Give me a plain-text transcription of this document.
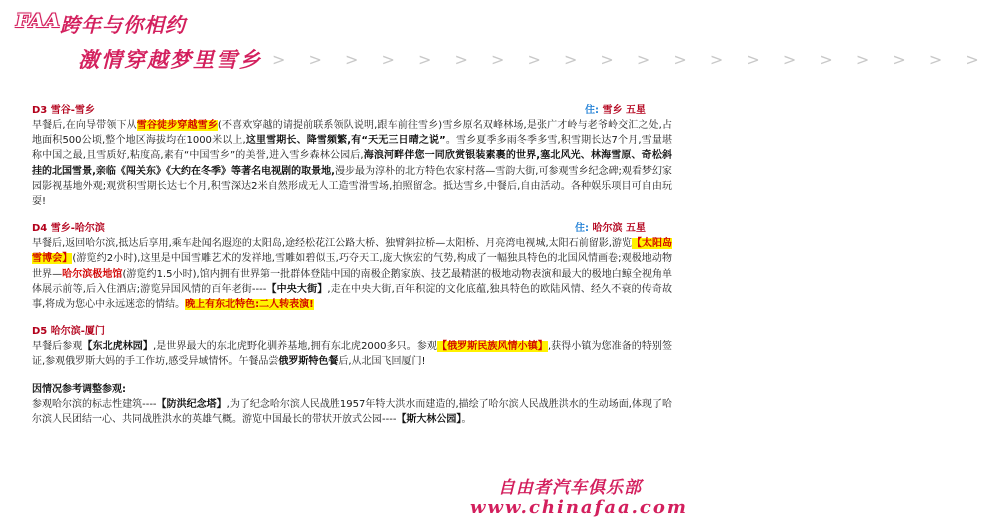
FAA 跨年与你相约
激情穿越梦里雪乡 > > > > > > > > > > > > > > > > > > > >
D3 雪谷-雪乡	住: 雪乡 五星

早餐后,在向导带领下从雪谷徒步穿越雪乡(不喜欢穿越的请提前联系领队说明,跟车前往雪乡)雪乡原名双峰林场,是张广才岭与老爷岭交汇之处,占地面积500公顷,整个地区海拔均在1000米以上,这里雪期长、降雪频繁,有“天无三日晴之说”。雪乡夏季多雨冬季多雪,积雪期长达7个月,雪量堪称中国之最,且雪质好,粘度高,素有“中国雪乡”的美誉,进入雪乡森林公园后,海浪河畔伴您一同欣赏银装素裹的世界,塞北风光、林海雪原、奇松斜挂的北国雪景,亲临《闯关东》《大约在冬季》等著名电视剧的取景地,漫步最为淳朴的北方特色农家村落—雪韵大街,可参观雪乡纪念碑;观看梦幻家园影视基地外观;观赏积雪期长达七个月,积雪深达2米自然形成无人工造雪滑雪场,拍照留念。抵达雪乡,中餐后,自由活动。各种娱乐项目可自由玩耍!

D4 雪乡-哈尔滨	住: 哈尔滨 五星

早餐后,返回哈尔滨,抵达后享用,乘车赴闻名遐迩的太阳岛,途经松花江公路大桥、独臂斜拉桥—太阳桥、月亮湾电视城,太阳石前留影,游览【太阳岛雪博会】(游览约2小时),这里是中国雪雕艺术的发祥地,雪雕如碧似玉,巧夺天工,庞大恢宏的气势,构成了一幅独具特色的北国风情画卷;观极地动物世界—哈尔滨极地馆(游览约1.5小时),馆内拥有世界第一批群体登陆中国的南极企鹅家族、技艺最精湛的极地动物表演和最大的极地白鲸全视角单体展示前等,后入住酒店;游览异国风情的百年老街----【中央大街】,走在中央大街,百年积淀的文化底蕴,独具特色的欧陆风情、经久不衰的传奇故事,将成为您心中永远迷恋的情结。晚上有东北特色:二人转表演!

D5 哈尔滨-厦门

早餐后参观【东北虎林园】,是世界最大的东北虎野化驯养基地,拥有东北虎2000多只。参观【俄罗斯民族风情小镇】,获得小镇为您准备的特别签证,参观俄罗斯大妈的手工作坊,感受异域情怀。午餐品尝俄罗斯特色餐后,从北国飞回厦门!

因情况参考调整参观:

参观哈尔滨的标志性建筑----【防洪纪念塔】,为了纪念哈尔滨人民战胜1957年特大洪水而建造的,描绘了哈尔滨人民战胜洪水的生动场面,体现了哈尔滨人民团结一心、共同战胜洪水的英雄气概。游览中国最长的带状开放式公园----【斯大林公园】。

自由者汽车俱乐部
www.chinafaa.com
